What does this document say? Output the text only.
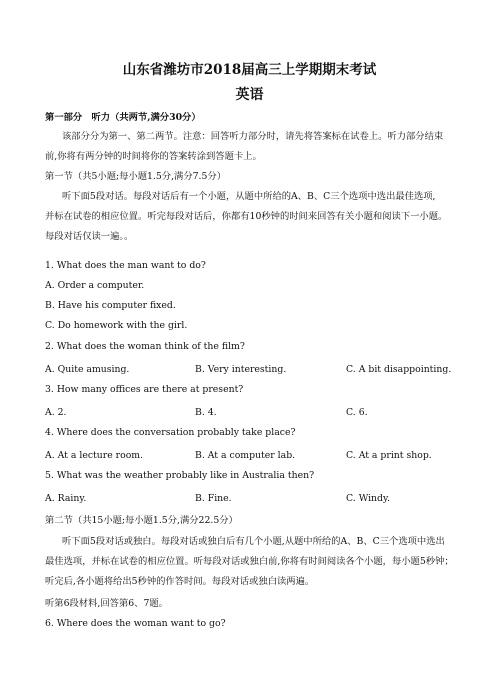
山东省潍坊市2018届高三上学期期末考试
英语
第一部分　听力（共两节,满分30分）
该部分分为第一、第二两节。注意：回答听力部分时，请先将答案标在试卷上。听力部分结束
前,你将有两分钟的时间将你的答案转涂到答题卡上。
第一节（共5小题;每小题1.5分,满分7.5分）
听下面5段对话。每段对话后有一个小题，从题中所给的A、B、C三个选项中选出最佳选项,
并标在试卷的相应位置。听完每段对话后，你都有10秒钟的时间来回答有关小题和阅读下一小题。
每段对话仅读一遍。。
1. What does the man want to do?
A. Order a computer.
B. Have his computer fixed.
C. Do homework with the girl.
2. What does the woman think of the film?
A. Quite amusing.	B. Very interesting.	C. A bit disappointing.
3. How many offices are there at present?
A. 2.	B. 4.	C. 6.
4. Where does the conversation probably take place?
A. At a lecture room.	B. At a computer lab.	C. At a print shop.
5. What was the weather probably like in Australia then?
A. Rainy.	B. Fine.	C. Windy.
第二节（共15小题;每小题1.5分,满分22.5分）
听下面5段对话或独白。每段对话或独白后有几个小题,从题中所给的A、B、C三个选项中选出
最佳选项，并标在试卷的相应位置。听每段对话或独白前,你将有时间阅读各个小题，每小题5秒钟；
听完后,各小题将给出5秒钟的作答时间。每段对话或独白读两遍。
听第6段材料,回答第6、7题。
6. Where does the woman want to go?
